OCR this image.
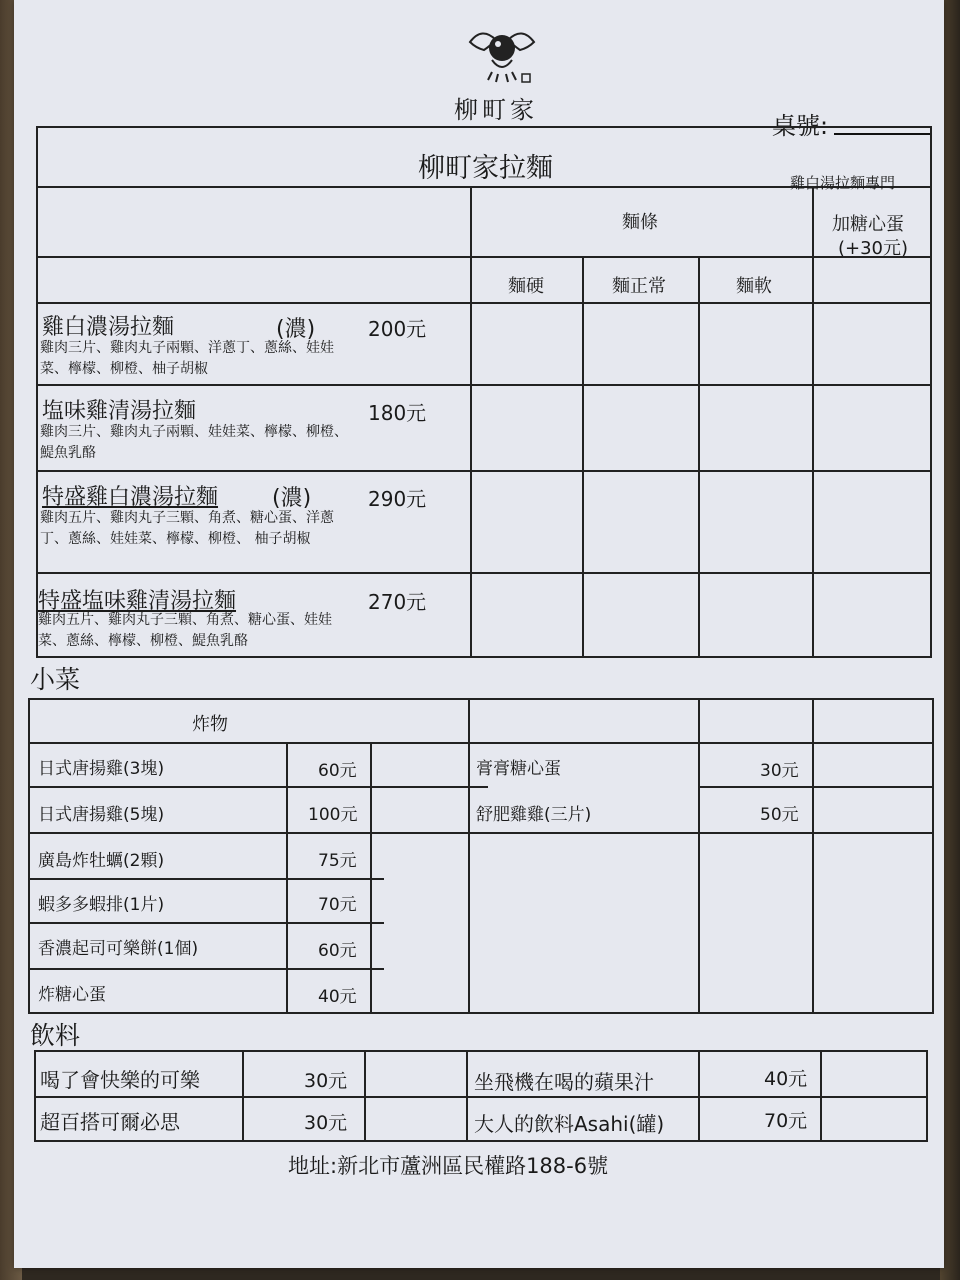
柳町家
桌號:
柳町家拉麵	雞白湯拉麵專門
麵條	加糖心蛋
(+30元)
麵硬	麵正常	麵軟
雞白濃湯拉麵	(濃)	200元
雞肉三片、雞肉丸子兩顆、洋蔥丁、蔥絲、娃娃菜、檸檬、柳橙、柚子胡椒
塩味雞清湯拉麵	180元
雞肉三片、雞肉丸子兩顆、娃娃菜、檸檬、柳橙、鯷魚乳酪
特盛雞白濃湯拉麵 (濃)	290元
雞肉五片、雞肉丸子三顆、角煮、糖心蛋、洋蔥丁、蔥絲、娃娃菜、檸檬、柳橙、 柚子胡椒
特盛塩味雞清湯拉麵	270元
雞肉五片、雞肉丸子三顆、角煮、糖心蛋、娃娃菜、蔥絲、檸檬、柳橙、鯷魚乳酪
小菜
炸物
日式唐揚雞(3塊)	60元
日式唐揚雞(5塊)	100元
廣島炸牡蠣(2顆)	75元
蝦多多蝦排(1片)	70元
香濃起司可樂餅(1個)	60元
炸糖心蛋	40元
膏膏糖心蛋	30元
舒肥雞雞(三片)	50元
飲料
喝了會快樂的可樂	30元	坐飛機在喝的蘋果汁	40元
超百搭可爾必思	30元	大人的飲料Asahi(罐)	70元
地址:新北市蘆洲區民權路188-6號
